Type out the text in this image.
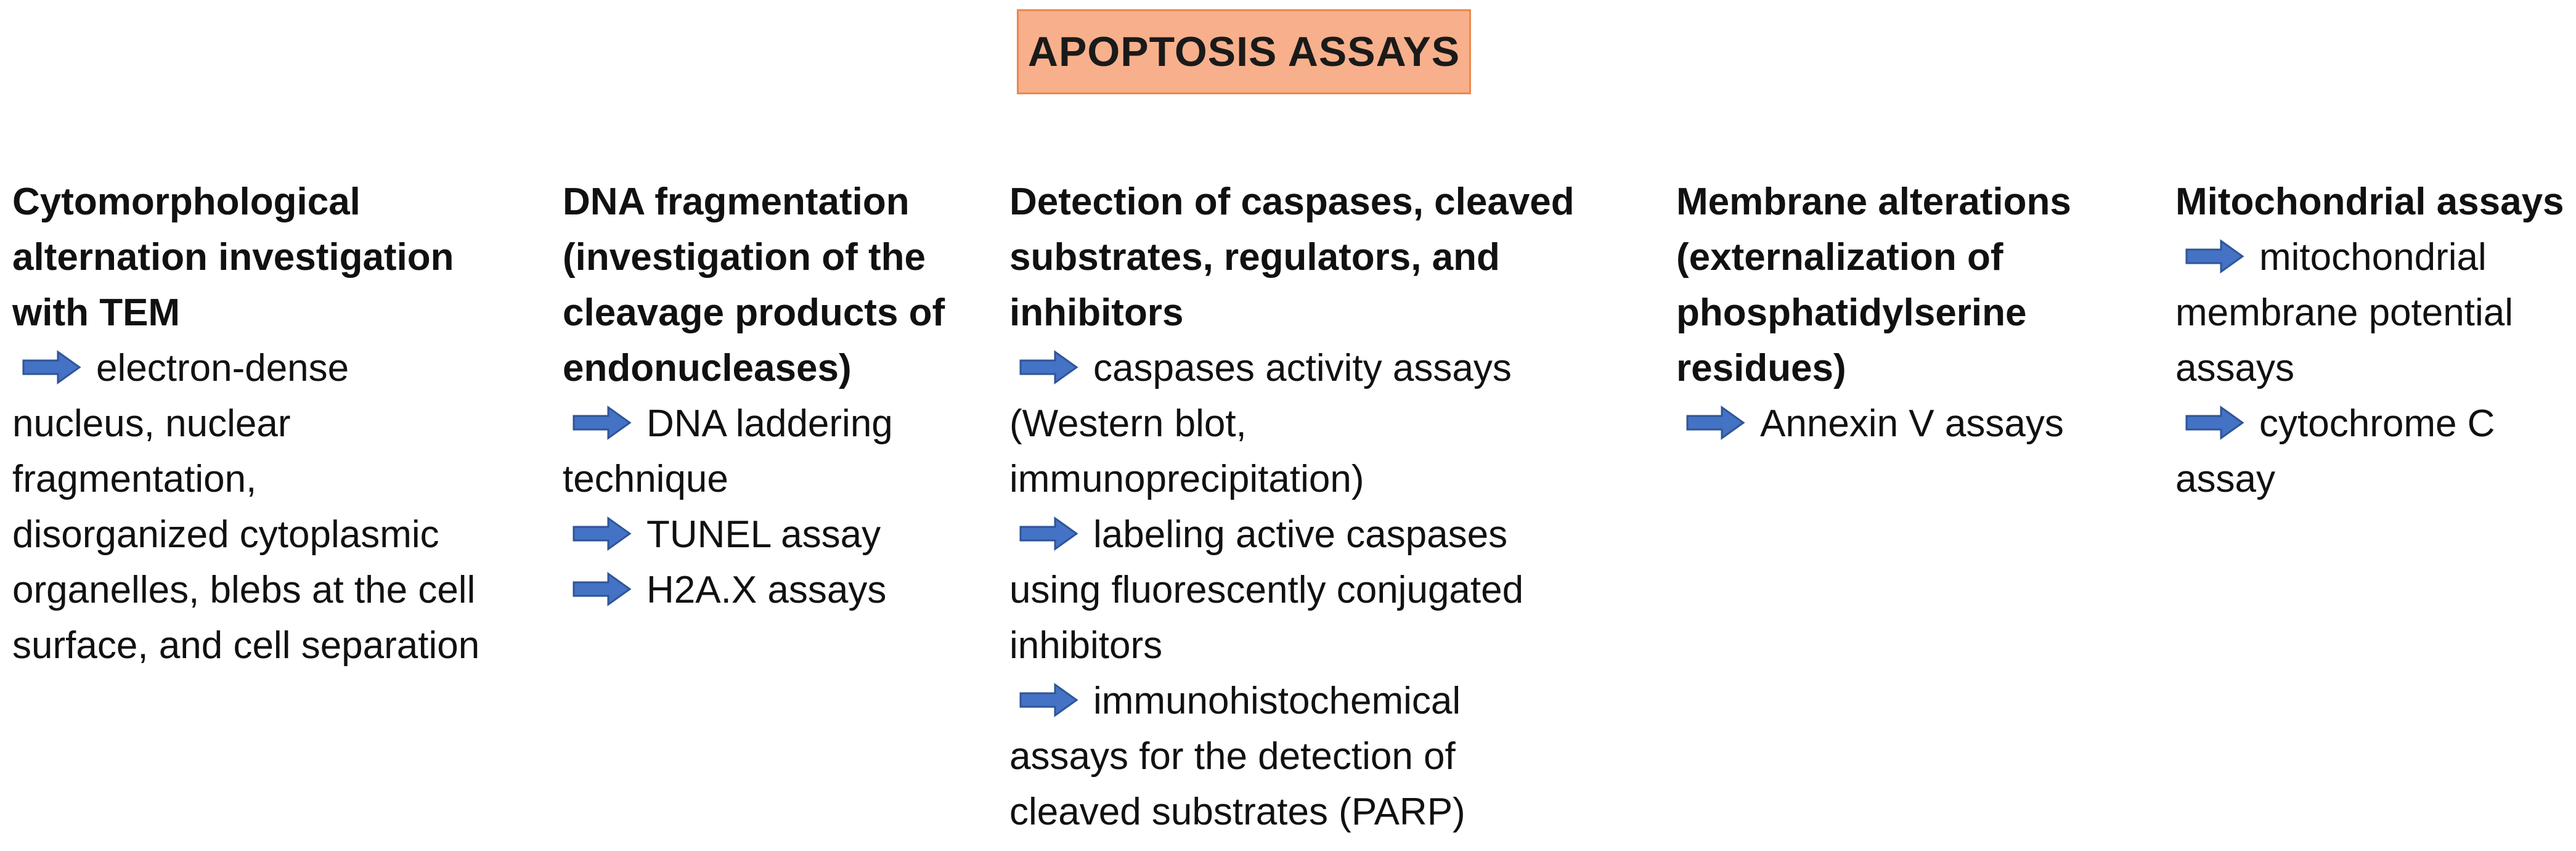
APOPTOSIS ASSAYS
Cytomorphological
alternation investigation
with TEM
electron-dense
nucleus, nuclear
fragmentation,
disorganized cytoplasmic
organelles, blebs at the cell
surface, and cell separation
DNA fragmentation
(investigation of the
cleavage products of
endonucleases)
DNA laddering
technique
TUNEL assay
H2A.X assays
Detection of caspases, cleaved
substrates, regulators, and
inhibitors
caspases activity assays
(Western blot,
immunoprecipitation)
labeling active caspases
using fluorescently conjugated
inhibitors
immunohistochemical
assays for the detection of
cleaved substrates (PARP)
Membrane alterations
(externalization of
phosphatidylserine
residues)
Annexin V assays
Mitochondrial assays
mitochondrial
membrane potential
assays
cytochrome C
assay
